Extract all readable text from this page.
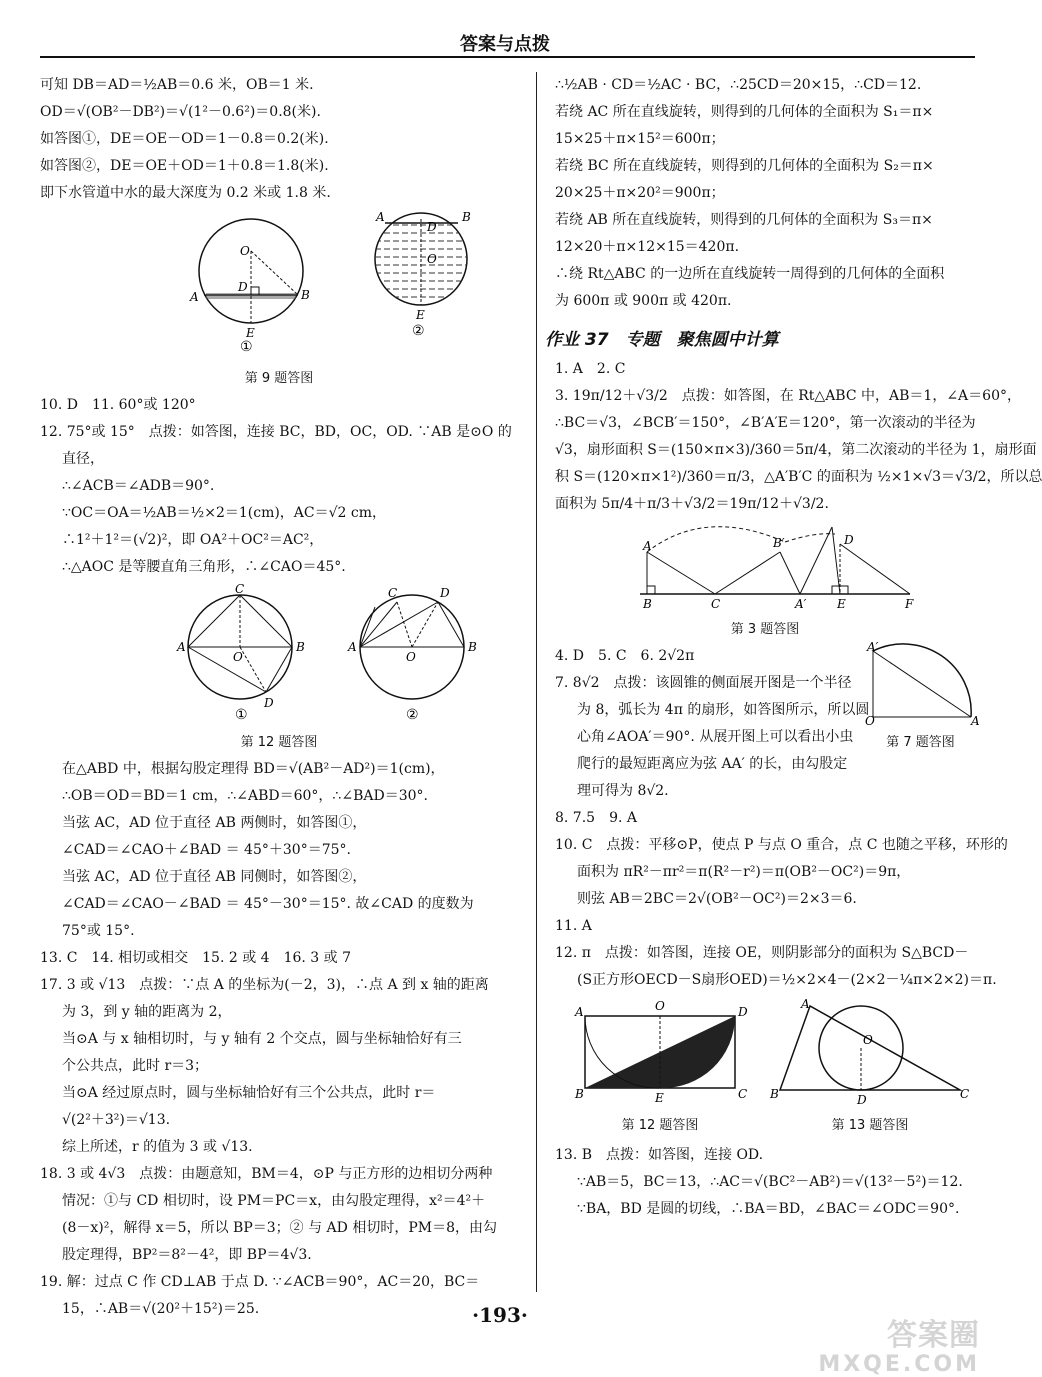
答案与点拨
可知 DB＝AD＝½AB＝0.6 米，OB＝1 米.
OD＝√(OB²－DB²)＝√(1²－0.6²)＝0.8(米).
如答图①，DE＝OE－OD＝1－0.8＝0.2(米).
如答图②，DE＝OE＋OD＝1＋0.8＝1.8(米).
即下水管道中水的最大深度为 0.2 米或 1.8 米.
O
D
A	B
E
A	B
D
O
E
①
②
第 9 题答图
10. D　11. 60°或 120°
12. 75°或 15°　点拨：如答图，连接 BC，BD，OC，OD. ∵AB 是⊙O 的
直径，
∴∠ACB＝∠ADB＝90°.
∵OC＝OA＝½AB＝½×2＝1(cm)，AC＝√2 cm，
∴1²＋1²＝(√2)²，即 OA²＋OC²＝AC²，
∴△AOC 是等腰直角三角形，∴∠CAO＝45°.
C
A	B
O
D
C	D
A	B
O
①	②
第 12 题答图
在△ABD 中，根据勾股定理得 BD＝√(AB²－AD²)＝1(cm)，
∴OB＝OD＝BD＝1 cm，∴∠ABD＝60°，∴∠BAD＝30°.
当弦 AC，AD 位于直径 AB 两侧时，如答图①，
∠CAD＝∠CAO＋∠BAD ＝ 45°＋30°＝75°.
当弦 AC，AD 位于直径 AB 同侧时，如答图②，
∠CAD＝∠CAO－∠BAD ＝ 45°－30°＝15°. 故∠CAD 的度数为
75°或 15°.
13. C　14. 相切或相交　15. 2 或 4　16. 3 或 7
17. 3 或 √13　点拨：∵点 A 的坐标为(－2，3)，∴点 A 到 x 轴的距离
为 3，到 y 轴的距离为 2，
当⊙A 与 x 轴相切时，与 y 轴有 2 个交点，圆与坐标轴恰好有三
个公共点，此时 r＝3；
当⊙A 经过原点时，圆与坐标轴恰好有三个公共点，此时 r＝
√(2²＋3²)＝√13.
综上所述，r 的值为 3 或 √13.
18. 3 或 4√3　点拨：由题意知，BM＝4，⊙P 与正方形的边相切分两种
情况：①与 CD 相切时，设 PM＝PC＝x，由勾股定理得，x²＝4²＋
(8－x)²，解得 x＝5，所以 BP＝3；② 与 AD 相切时，PM＝8，由勾
股定理得，BP²＝8²－4²，即 BP＝4√3.
19. 解：过点 C 作 CD⊥AB 于点 D. ∵∠ACB＝90°，AC＝20，BC＝
15，∴AB＝√(20²＋15²)＝25.
∴½AB · CD＝½AC · BC，∴25CD＝20×15，∴CD＝12.
若绕 AC 所在直线旋转，则得到的几何体的全面积为 S₁＝π×
15×25＋π×15²＝600π；
若绕 BC 所在直线旋转，则得到的几何体的全面积为 S₂＝π×
20×25＋π×20²＝900π；
若绕 AB 所在直线旋转，则得到的几何体的全面积为 S₃＝π×
12×20＋π×12×15＝420π.
∴绕 Rt△ABC 的一边所在直线旋转一周得到的几何体的全面积
为 600π 或 900π 或 420π.
作业 37　专题　聚焦圆中计算
1. A　2. C
3. 19π/12＋√3/2　点拨：如答图，在 Rt△ABC 中，AB＝1，∠A＝60°，
∴BC＝√3，∠BCB′＝150°，∠B′A′E＝120°，第一次滚动的半径为
√3，扇形面积 S＝(150×π×3)/360＝5π/4，第二次滚动的半径为 1，扇形面
积 S＝(120×π×1²)/360＝π/3，△A′B′C 的面积为 ½×1×√3＝√3/2，所以总
面积为 5π/4＋π/3＋√3/2＝19π/12＋√3/2.
A
B	C
B′
A′	E
D
F
第 3 题答图
4. D　5. C　6. 2√2π
7. 8√2　点拨：该圆锥的侧面展开图是一个半径
为 8，弧长为 4π 的扇形，如答图所示，所以圆
心角∠AOA′＝90°. 从展开图上可以看出小虫
爬行的最短距离应为弦 AA′ 的长，由勾股定
理可得为 8√2.
8. 7.5　9. A
A′
O	A
第 7 题答图
10. C　点拨：平移⊙P，使点 P 与点 O 重合，点 C 也随之平移，环形的
面积为 πR²－πr²＝π(R²－r²)＝π(OB²－OC²)＝9π，
则弦 AB＝2BC＝2√(OB²－OC²)＝2×3＝6.
11. A
12. π　点拨：如答图，连接 OE，则阴影部分的面积为 S△BCD－
(S正方形OECD－S扇形OED)＝½×2×4－(2×2－¼π×2×2)＝π.
A	O	D
B	E	C
A
O
B	D	C
第 12 题答图	第 13 题答图
13. B　点拨：如答图，连接 OD.
∵AB＝5，BC＝13，∴AC＝√(BC²－AB²)＝√(13²－5²)＝12.
∵BA，BD 是圆的切线，∴BA＝BD，∠BAC＝∠ODC＝90°.
·193·
答案圈
MXQE.COM
